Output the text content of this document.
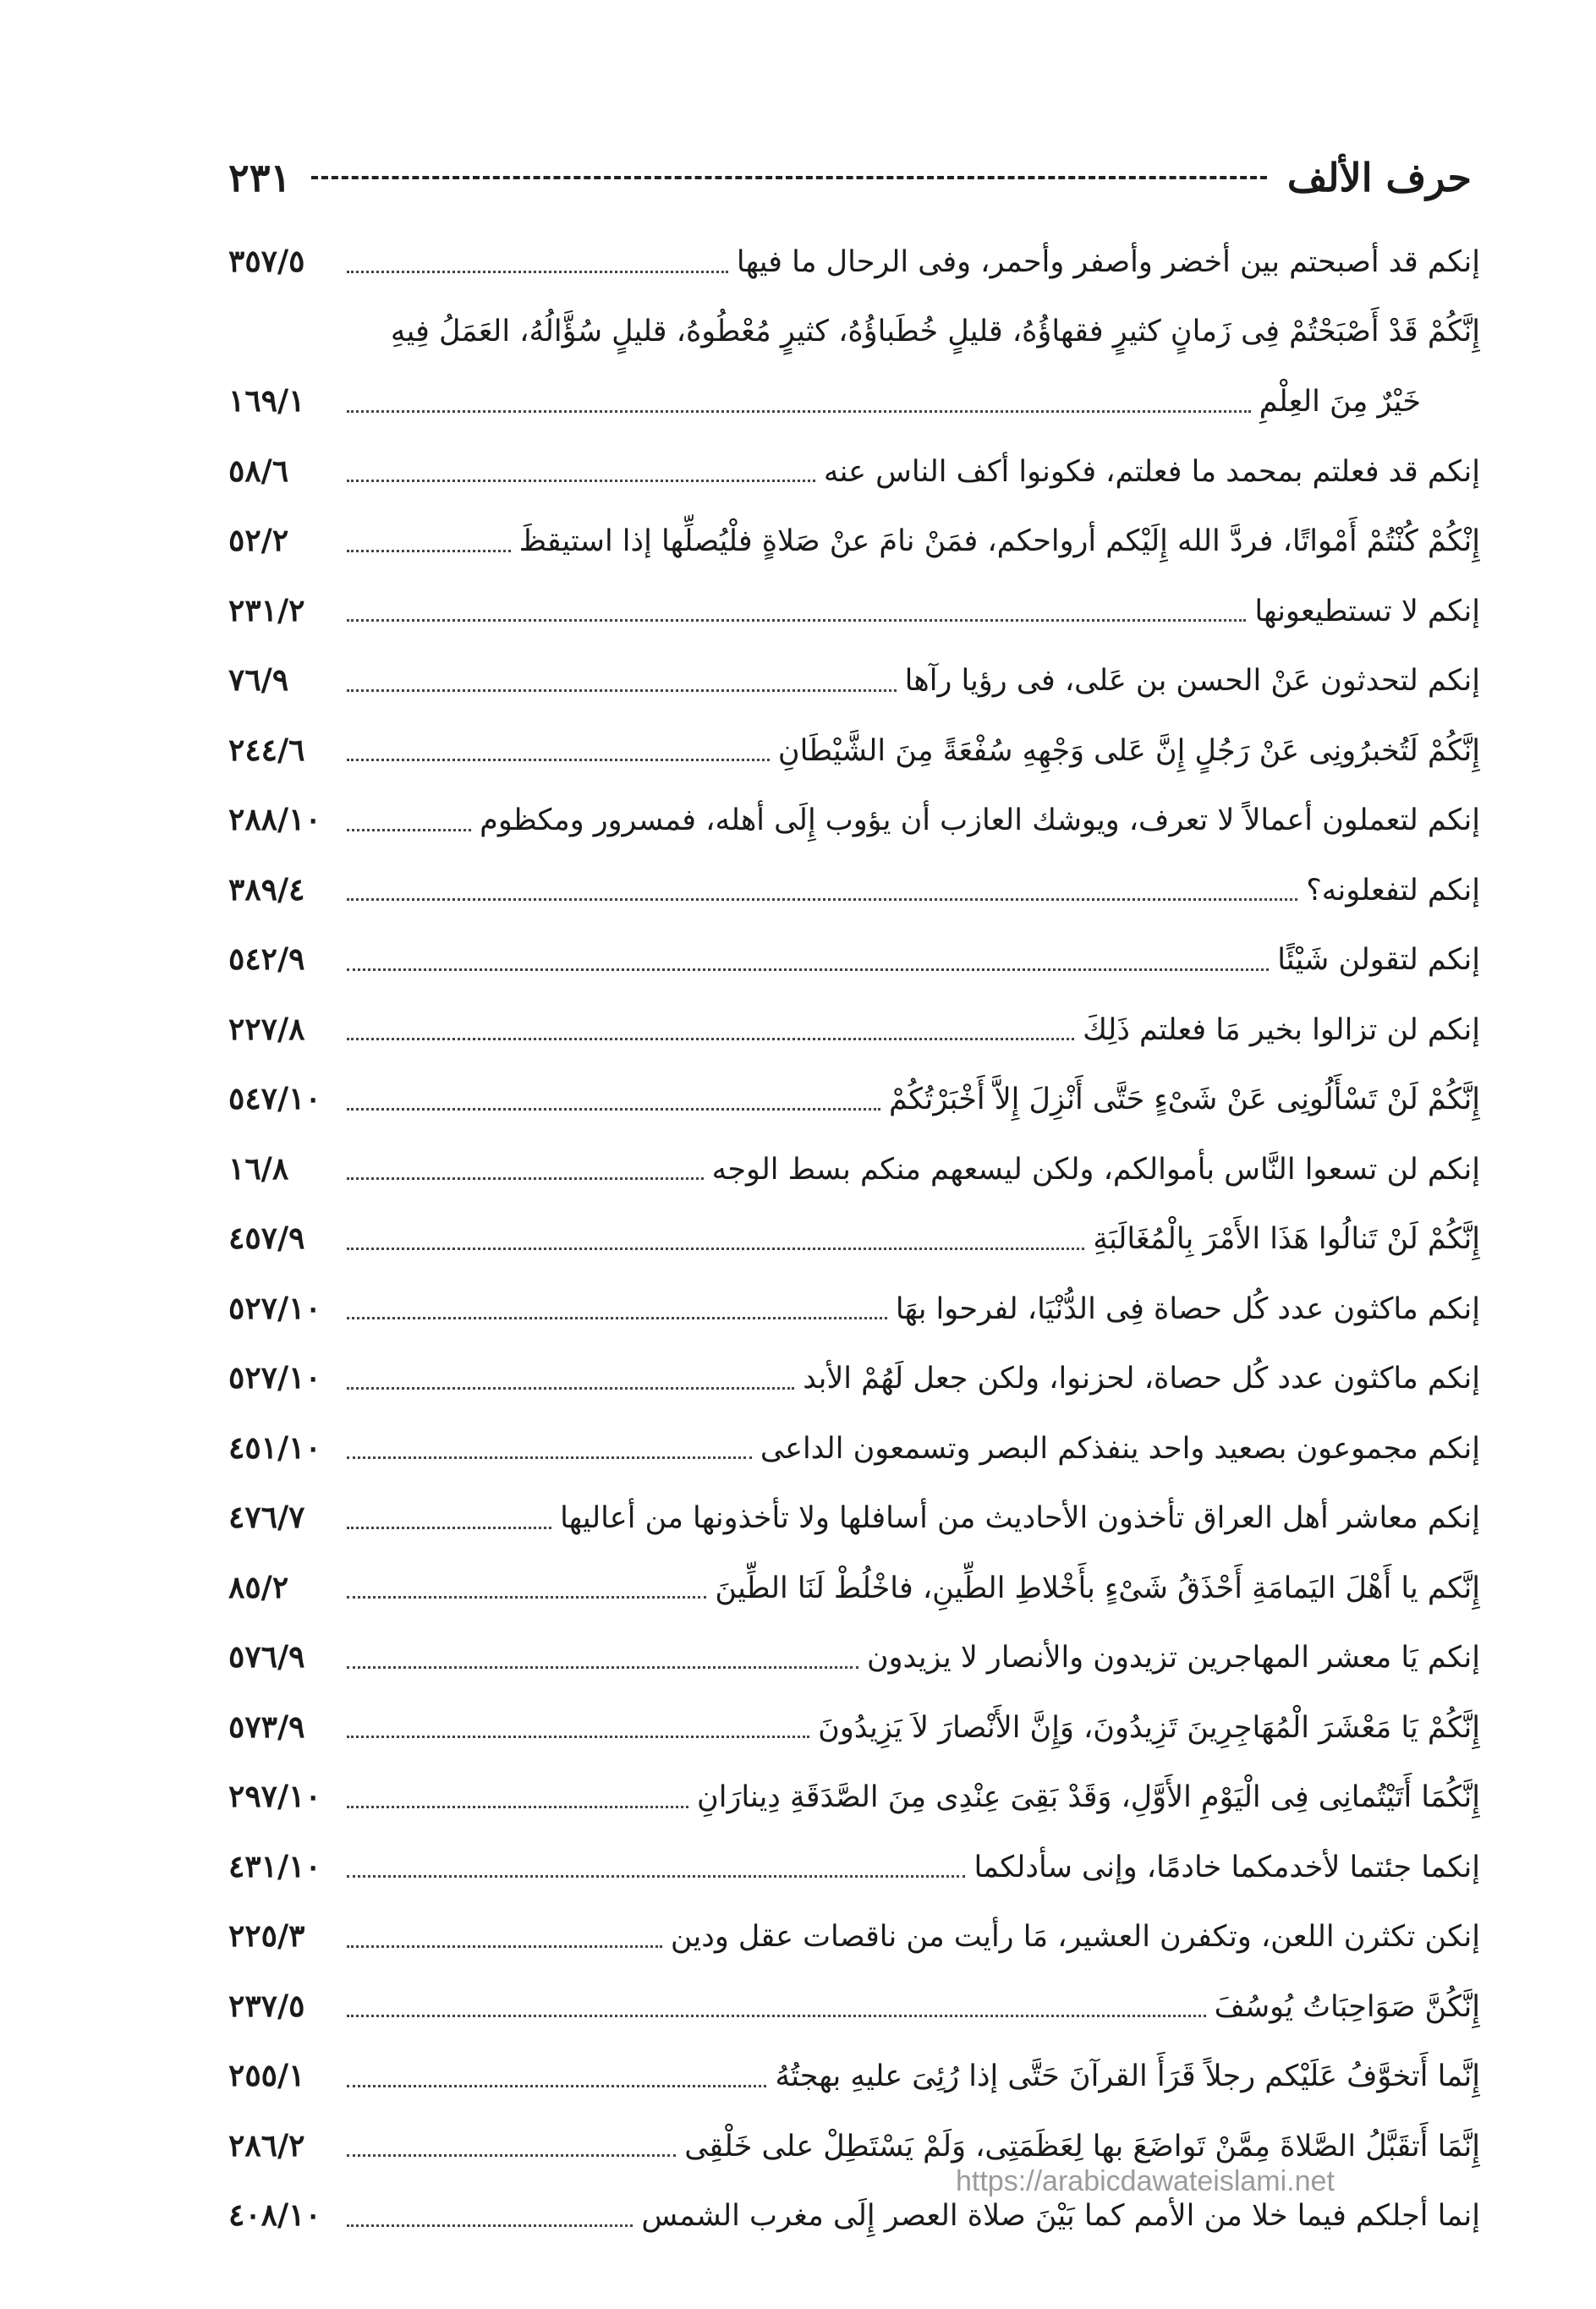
حرف الألف
٢٣١
إنكم قد أصبحتم بين أخضر وأصفر وأحمر، وفى الرحال ما فيها
٣٥٧/٥
إِنَّكُمْ قَدْ أَصْبَحْتُمْ فِى زَمانٍ كثيرٍ فقهاؤُهُ، قليلٍ خُطَباؤُهُ، كثيرٍ مُعْطُوهُ، قليلٍ سُؤَّالُهُ، العَمَلُ فِيهِ
خَيْرٌ مِنَ العِلْمِ
١٦٩/١
إنكم قد فعلتم بمحمد ما فعلتم، فكونوا أكف الناس عنه
٥٨/٦
إِنْكُمْ كُنْتُمْ أَمْواتًا، فردَّ الله إِلَيْكم أرواحكم، فمَنْ نامَ عنْ صَلاةٍ فلْيُصلِّها إذا استيقظَ
٥٢/٢
إنكم لا تستطيعونها
٢٣١/٢
إنكم لتحدثون عَنْ الحسن بن عَلى، فى رؤيا رآها
٧٦/٩
إِنَّكُمْ لَتُخبرُونِى عَنْ رَجُلٍ إِنَّ عَلى وَجْهِهِ سُفْعَةً مِنَ الشَّيْطَانِ
٢٤٤/٦
إنكم لتعملون أعمالاً لا تعرف، ويوشك العازب أن يؤوب إِلَى أهله، فمسرور ومكظوم
٢٨٨/١٠
إنكم لتفعلونه؟
٣٨٩/٤
إنكم لتقولن شَيْئًا
٥٤٢/٩
إنكم لن تزالوا بخير مَا فعلتم ذَلِكَ
٢٢٧/٨
إِنَّكُمْ لَنْ تَسْأَلُونِى عَنْ شَىْءٍ حَتَّى أَنْزِلَ إِلاَّ أَخْبَرْتُكُمْ
٥٤٧/١٠
إنكم لن تسعوا النَّاس بأموالكم، ولكن ليسعهم منكم بسط الوجه
١٦/٨
إِنَّكُمْ لَنْ تَنالُوا هَذَا الأَمْرَ بِالْمُغَالَبَةِ
٤٥٧/٩
إنكم ماكثون عدد كُل حصاة فِى الدُّنْيَا، لفرحوا بهَا
٥٢٧/١٠
إنكم ماكثون عدد كُل حصاة، لحزنوا، ولكن جعل لَهُمْ الأبد
٥٢٧/١٠
إنكم مجموعون بصعيد واحد ينفذكم البصر وتسمعون الداعى
٤٥١/١٠
إنكم معاشر أهل العراق تأخذون الأحاديث من أسافلها ولا تأخذونها من أعاليها
٤٧٦/٧
إِنَّكم يا أَهْلَ اليَمامَةِ أَحْذَقُ شَىْءٍ بأَخْلاطِ الطِّينِ، فاخْلُطْ لَنَا الطِّينَ
٨٥/٢
إنكم يَا معشر المهاجرين تزيدون والأنصار لا يزيدون
٥٧٦/٩
إِنَّكُمْ يَا مَعْشَرَ الْمُهَاجِرِينَ تَزِيدُونَ، وَإِنَّ الأَنْصارَ لاَ يَزِيدُونَ
٥٧٣/٩
إِنَّكُمَا أَتَيْتُمانِى فِى الْيَوْمِ الأَوَّلِ، وَقَدْ بَقِىَ عِنْدِى مِنَ الصَّدَقَةِ دِينارَانِ
٢٩٧/١٠
إنكما جئتما لأخدمكما خادمًا، وإنى سأدلكما
٤٣١/١٠
إنكن تكثرن اللعن، وتكفرن العشير، مَا رأيت من ناقصات عقل ودين
٢٢٥/٣
إِنَّكُنَّ صَوَاحِبَاتُ يُوسُفَ
٢٣٧/٥
إِنَّما أَتخوَّفُ عَلَيْكم رجلاً قَرَأَ القرآنَ حَتَّى إذا رُئِىَ عليهِ بهجتُهُ
٢٥٥/١
إِنَّمَا أَتقَبَّلُ الصَّلاةَ مِمَّنْ تَواضَعَ بها لِعَظَمَتِى، وَلَمْ يَسْتَطِلْ على خَلْقِى
٢٨٦/٢
إنما أجلكم فيما خلا من الأمم كما بَيْنَ صلاة العصر إِلَى مغرب الشمس
٤٠٨/١٠
https://arabicdawateislami.net
